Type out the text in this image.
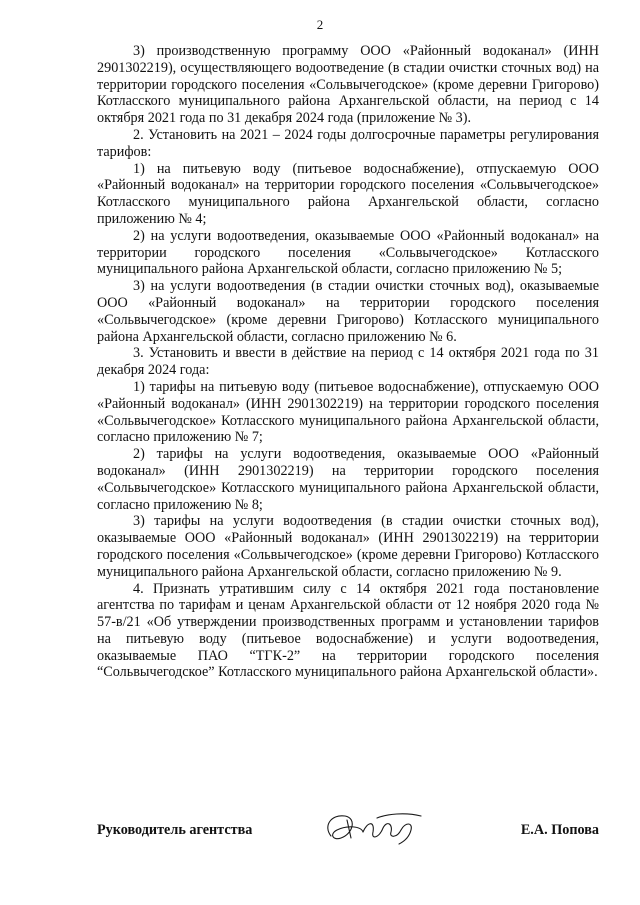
2

3) производственную программу ООО «Районный водоканал» (ИНН 2901302219), осуществляющего водоотведение (в стадии очистки сточных вод) на территории городского поселения «Сольвычегодское» (кроме деревни Григорово) Котласского муниципального района Архангельской области, на период с 14 октября 2021 года по 31 декабря 2024 года (приложение № 3).

2. Установить на 2021 – 2024 годы долгосрочные параметры регулирования тарифов:

1) на питьевую воду (питьевое водоснабжение), отпускаемую ООО «Районный водоканал» на территории городского поселения «Сольвычегодское» Котласского муниципального района Архангельской области, согласно приложению № 4;

2) на услуги водоотведения, оказываемые ООО «Районный водоканал» на территории городского поселения «Сольвычегодское» Котласского муниципального района Архангельской области, согласно приложению № 5;

3) на услуги водоотведения (в стадии очистки сточных вод), оказываемые ООО «Районный водоканал» на территории городского поселения «Сольвычегодское» (кроме деревни Григорово) Котласского муниципального района Архангельской области, согласно приложению № 6.

3. Установить и ввести в действие на период с 14 октября 2021 года по 31 декабря 2024 года:

1) тарифы на питьевую воду (питьевое водоснабжение), отпускаемую ООО «Районный водоканал» (ИНН 2901302219) на территории городского поселения «Сольвычегодское» Котласского муниципального района Архангельской области, согласно приложению № 7;

2) тарифы на услуги водоотведения, оказываемые ООО «Районный водоканал» (ИНН 2901302219) на территории городского поселения «Сольвычегодское» Котласского муниципального района Архангельской области, согласно приложению № 8;

3) тарифы на услуги водоотведения (в стадии очистки сточных вод), оказываемые ООО «Районный водоканал» (ИНН 2901302219) на территории городского поселения «Сольвычегодское» (кроме деревни Григорово) Котласского муниципального района Архангельской области, согласно приложению № 9.

4. Признать утратившим силу с 14 октября 2021 года постановление агентства по тарифам и ценам Архангельской области от 12 ноября 2020 года № 57-в/21 «Об утверждении производственных программ и установлении тарифов на питьевую воду (питьевое водоснабжение) и услуги водоотведения, оказываемые ПАО “ТГК-2” на территории городского поселения “Сольвычегодское” Котласского муниципального района Архангельской области».

Руководитель агентства	Е.А. Попова
